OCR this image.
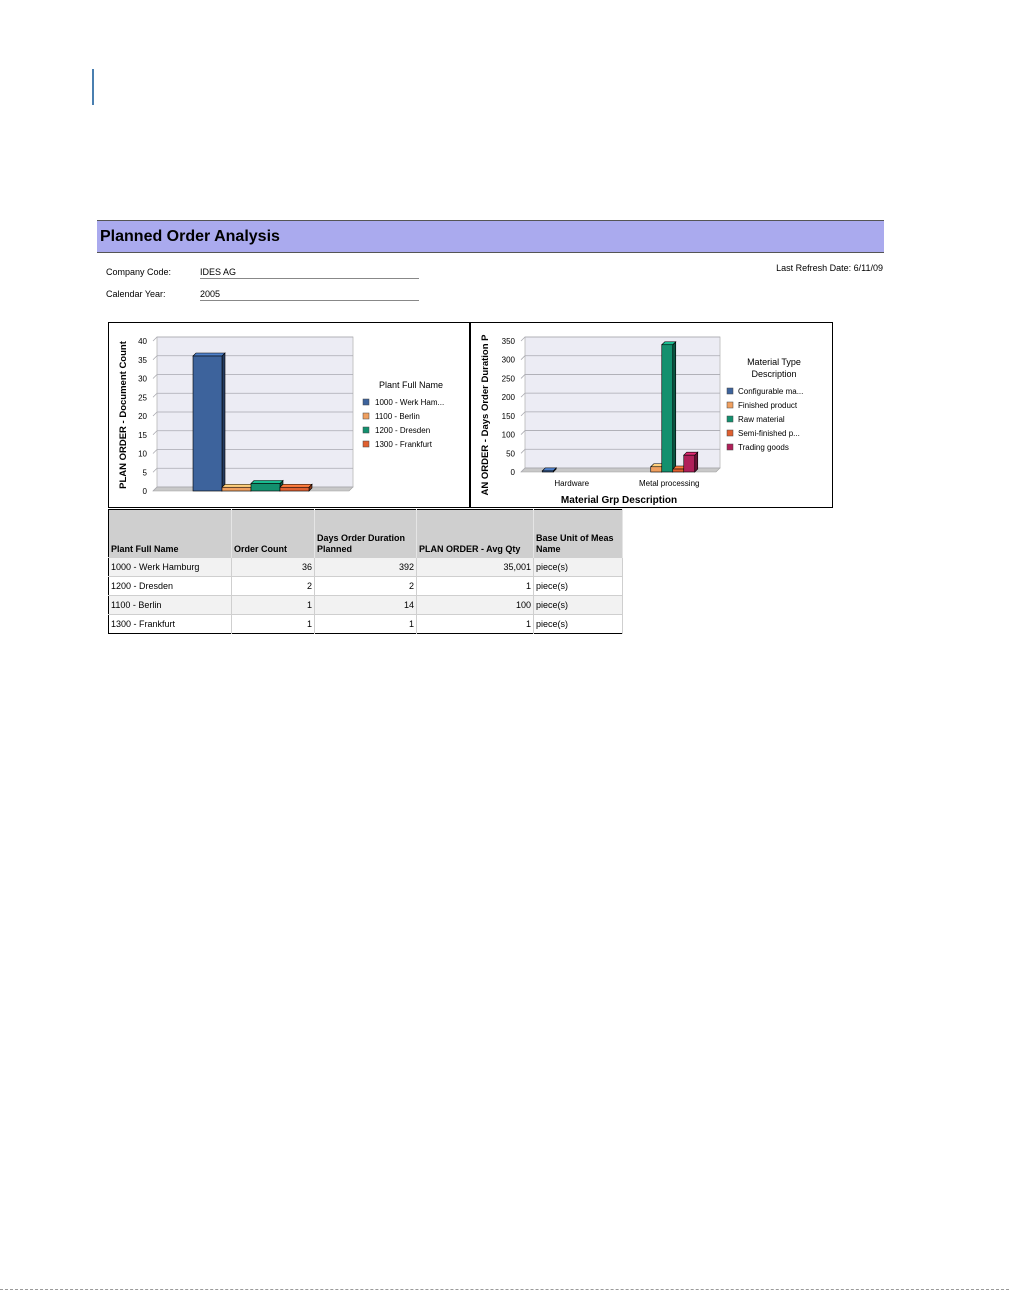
Planned Order Analysis
Company Code:	IDES AG
Calendar Year:	2005
Last Refresh Date: 6/11/09
0
5
10
15
20
25
30
35
40
PLAN ORDER - Document Count	Plant Full Name
1000 - Werk Ham...
1100 - Berlin
1200 - Dresden
1300 - Frankfurt
0
50
100
150
200
250
300
350
Hardware	Metal processing
Material Grp Description
AN ORDER - Days Order Duration P	Material Type Description
Configurable ma...
Finished product
Raw material
Semi-finished p...
Trading goods
Plant Full Name	Order Count	Days Order Duration Planned	PLAN ORDER - Avg Qty	Base Unit of Meas Name
1000 - Werk Hamburg	36	392	35,001	piece(s)
1200 - Dresden	2	2	1	piece(s)
1100 - Berlin	1	14	100	piece(s)
1300 - Frankfurt	1	1	1	piece(s)
